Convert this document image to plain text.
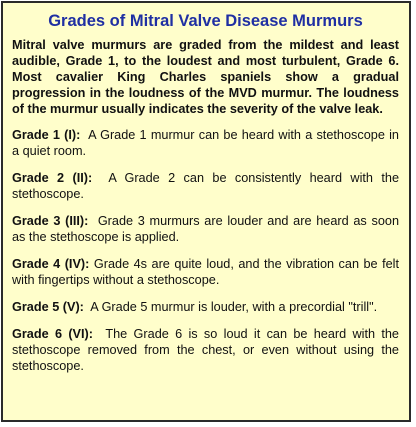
Grades of Mitral Valve Disease Murmurs
Mitral valve murmurs are graded from the mildest and least audible, Grade 1, to the loudest and most turbulent, Grade 6. Most cavalier King Charles spaniels show a gradual progression in the loudness of the MVD murmur. The loudness of the murmur usually indicates the severity of the valve leak.
Grade 1 (I): A Grade 1 murmur can be heard with a stethoscope in a quiet room.
Grade 2 (II): A Grade 2 can be consistently heard with the stethoscope.
Grade 3 (III): Grade 3 murmurs are louder and are heard as soon as the stethoscope is applied.
Grade 4 (IV): Grade 4s are quite loud, and the vibration can be felt with fingertips without a stethoscope.
Grade 5 (V): A Grade 5 murmur is louder, with a precordial "trill".
Grade 6 (VI): The Grade 6 is so loud it can be heard with the stethoscope removed from the chest, or even without using the stethoscope.
